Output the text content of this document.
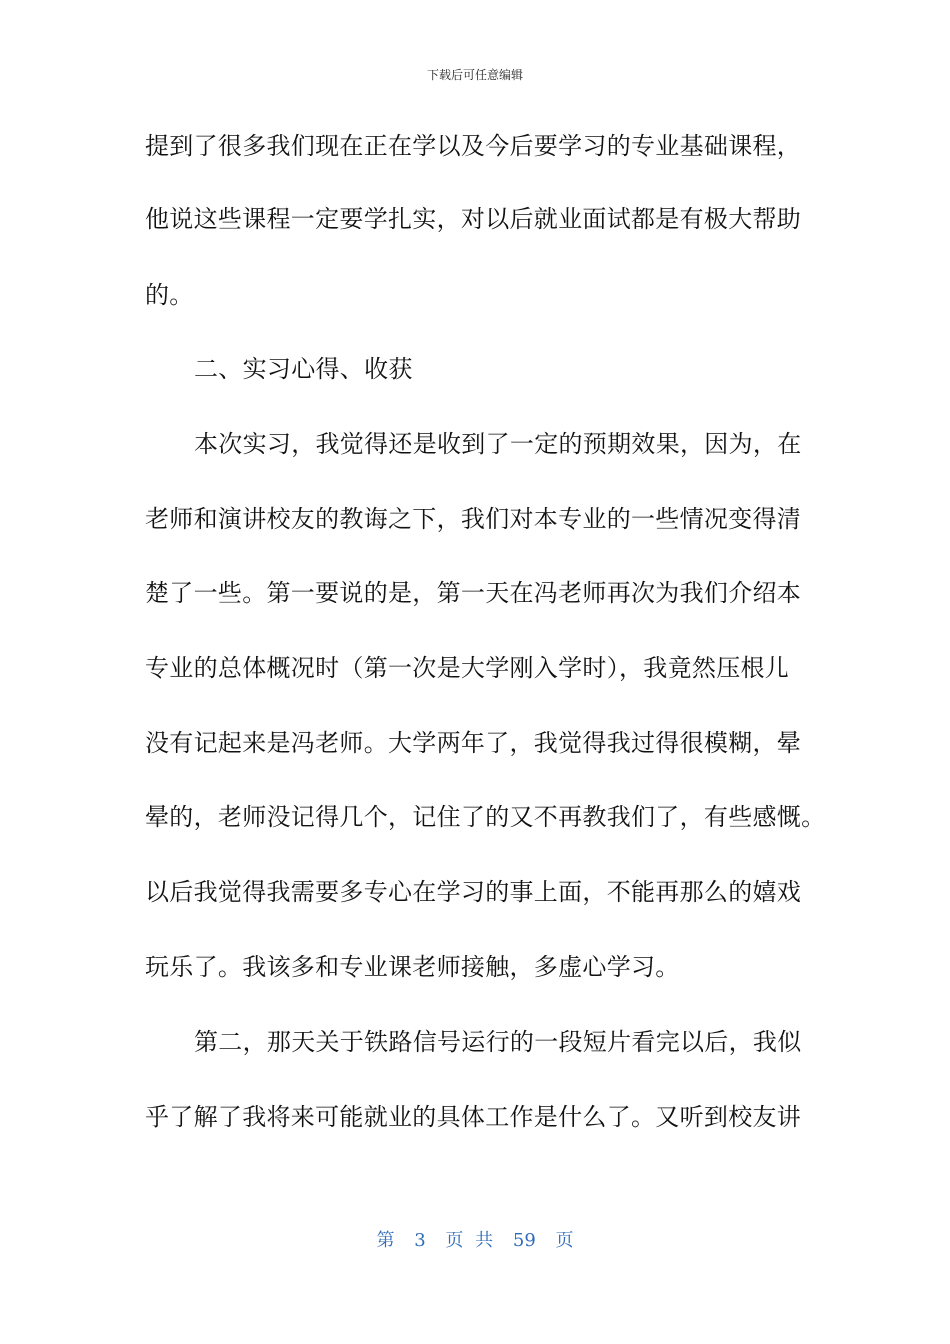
下载后可任意编辑
提到了很多我们现在正在学以及今后要学习的专业基础课程，
他说这些课程一定要学扎实，对以后就业面试都是有极大帮助
的。
二、实习心得、收获
本次实习，我觉得还是收到了一定的预期效果，因为，在
老师和演讲校友的教诲之下，我们对本专业的一些情况变得清
楚了一些。第一要说的是，第一天在冯老师再次为我们介绍本
专业的总体概况时（第一次是大学刚入学时），我竟然压根儿
没有记起来是冯老师。大学两年了，我觉得我过得很模糊，晕
晕的，老师没记得几个，记住了的又不再教我们了，有些感慨。
以后我觉得我需要多专心在学习的事上面，不能再那么的嬉戏
玩乐了。我该多和专业课老师接触，多虚心学习。
第二，那天关于铁路信号运行的一段短片看完以后，我似
乎了解了我将来可能就业的具体工作是什么了。又听到校友讲
第 3 页 共 59 页
